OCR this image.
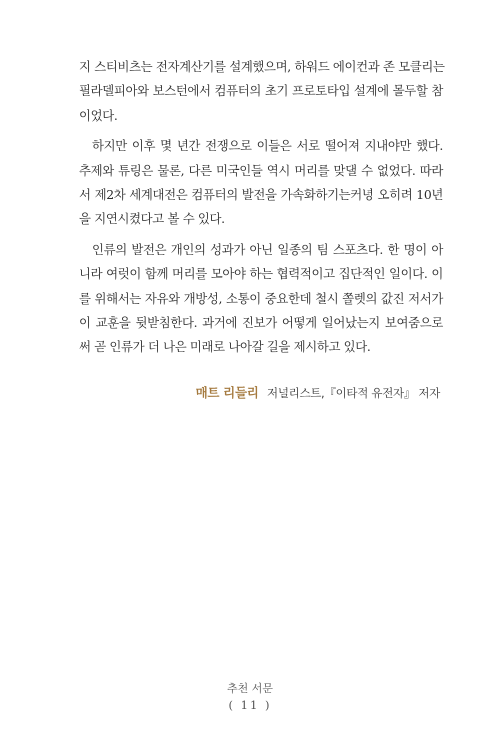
지 스티비츠는 전자계산기를 설계했으며, 하워드 에이컨과 존 모클리는
필라델피아와 보스턴에서 컴퓨터의 초기 프로토타입 설계에 몰두할 참
이었다.
하지만 이후 몇 년간 전쟁으로 이들은 서로 떨어져 지내야만 했다.
추제와 튜링은 물론, 다른 미국인들 역시 머리를 맞댈 수 없었다. 따라
서 제2차 세계대전은 컴퓨터의 발전을 가속화하기는커녕 오히려 10년
을 지연시켰다고 볼 수 있다.
인류의 발전은 개인의 성과가 아닌 일종의 팀 스포츠다. 한 명이 아
니라 여럿이 함께 머리를 모아야 하는 협력적이고 집단적인 일이다. 이
를 위해서는 자유와 개방성, 소통이 중요한데 철시 쫄렛의 값진 저서가
이 교훈을 뒷받침한다. 과거에 진보가 어떻게 일어났는지 보여줌으로
써 곧 인류가 더 나은 미래로 나아갈 길을 제시하고 있다.
매트 리들리 저널리스트,『이타적 유전자』 저자
추천 서문
( 11 )
